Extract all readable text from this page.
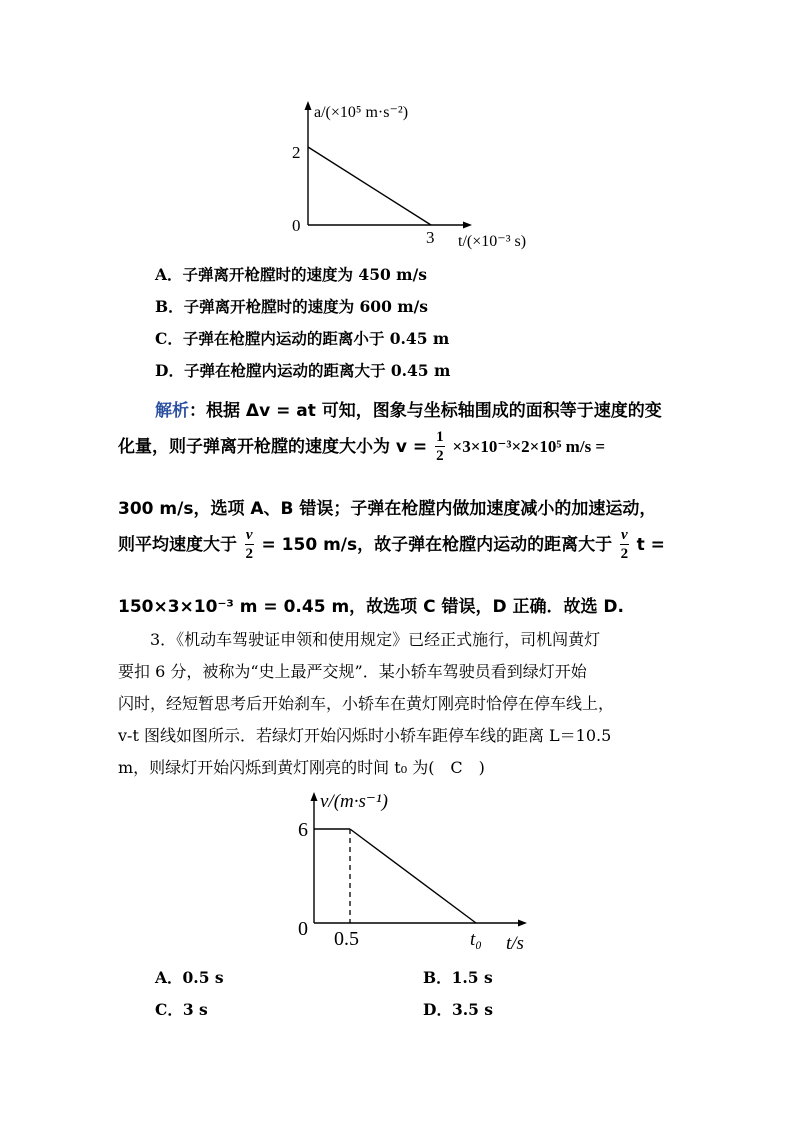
a/(×10⁵ m·s⁻²)
2
0
3 t/(×10⁻³ s)
A．子弹离开枪膛时的速度为 450 m/s
B．子弹离开枪膛时的速度为 600 m/s
C．子弹在枪膛内运动的距离小于 0.45 m
D．子弹在枪膛内运动的距离大于 0.45 m
解析：根据 Δv = at 可知，图象与坐标轴围成的面积等于速度的变
化量，则子弹离开枪膛的速度大小为 $v = \frac{1}{2} \times 3\times 10^{-3}\times 2\times 10^5$ m/s =
300 m/s，选项 A、B 错误；子弹在枪膛内做加速度减小的加速运动，
则平均速度大于 $\frac{v}{2} = 150$ m/s，故子弹在枪膛内运动的距离大于 $\frac{v}{2}$ t =
150×3×10⁻³ m = 0.45 m，故选项 C 错误，D 正确．故选 D.
3．《机动车驾驶证申领和使用规定》已经正式施行，司机闯黄灯
要扣 6 分，被称为“史上最严交规”．某小轿车驾驶员看到绿灯开始
闪时，经短暂思考后开始刹车，小轿车在黄灯刚亮时恰停在停车线上，
v-t 图线如图所示．若绿灯开始闪烁时小轿车距停车线的距离 L＝10.5
m，则绿灯开始闪烁到黄灯刚亮的时间 t₀ 为(　C　)
v/(m·s⁻¹)
6
0 0.5	t₀ t/s
A．0.5 s	B．1.5 s
C．3 s	D．3.5 s
